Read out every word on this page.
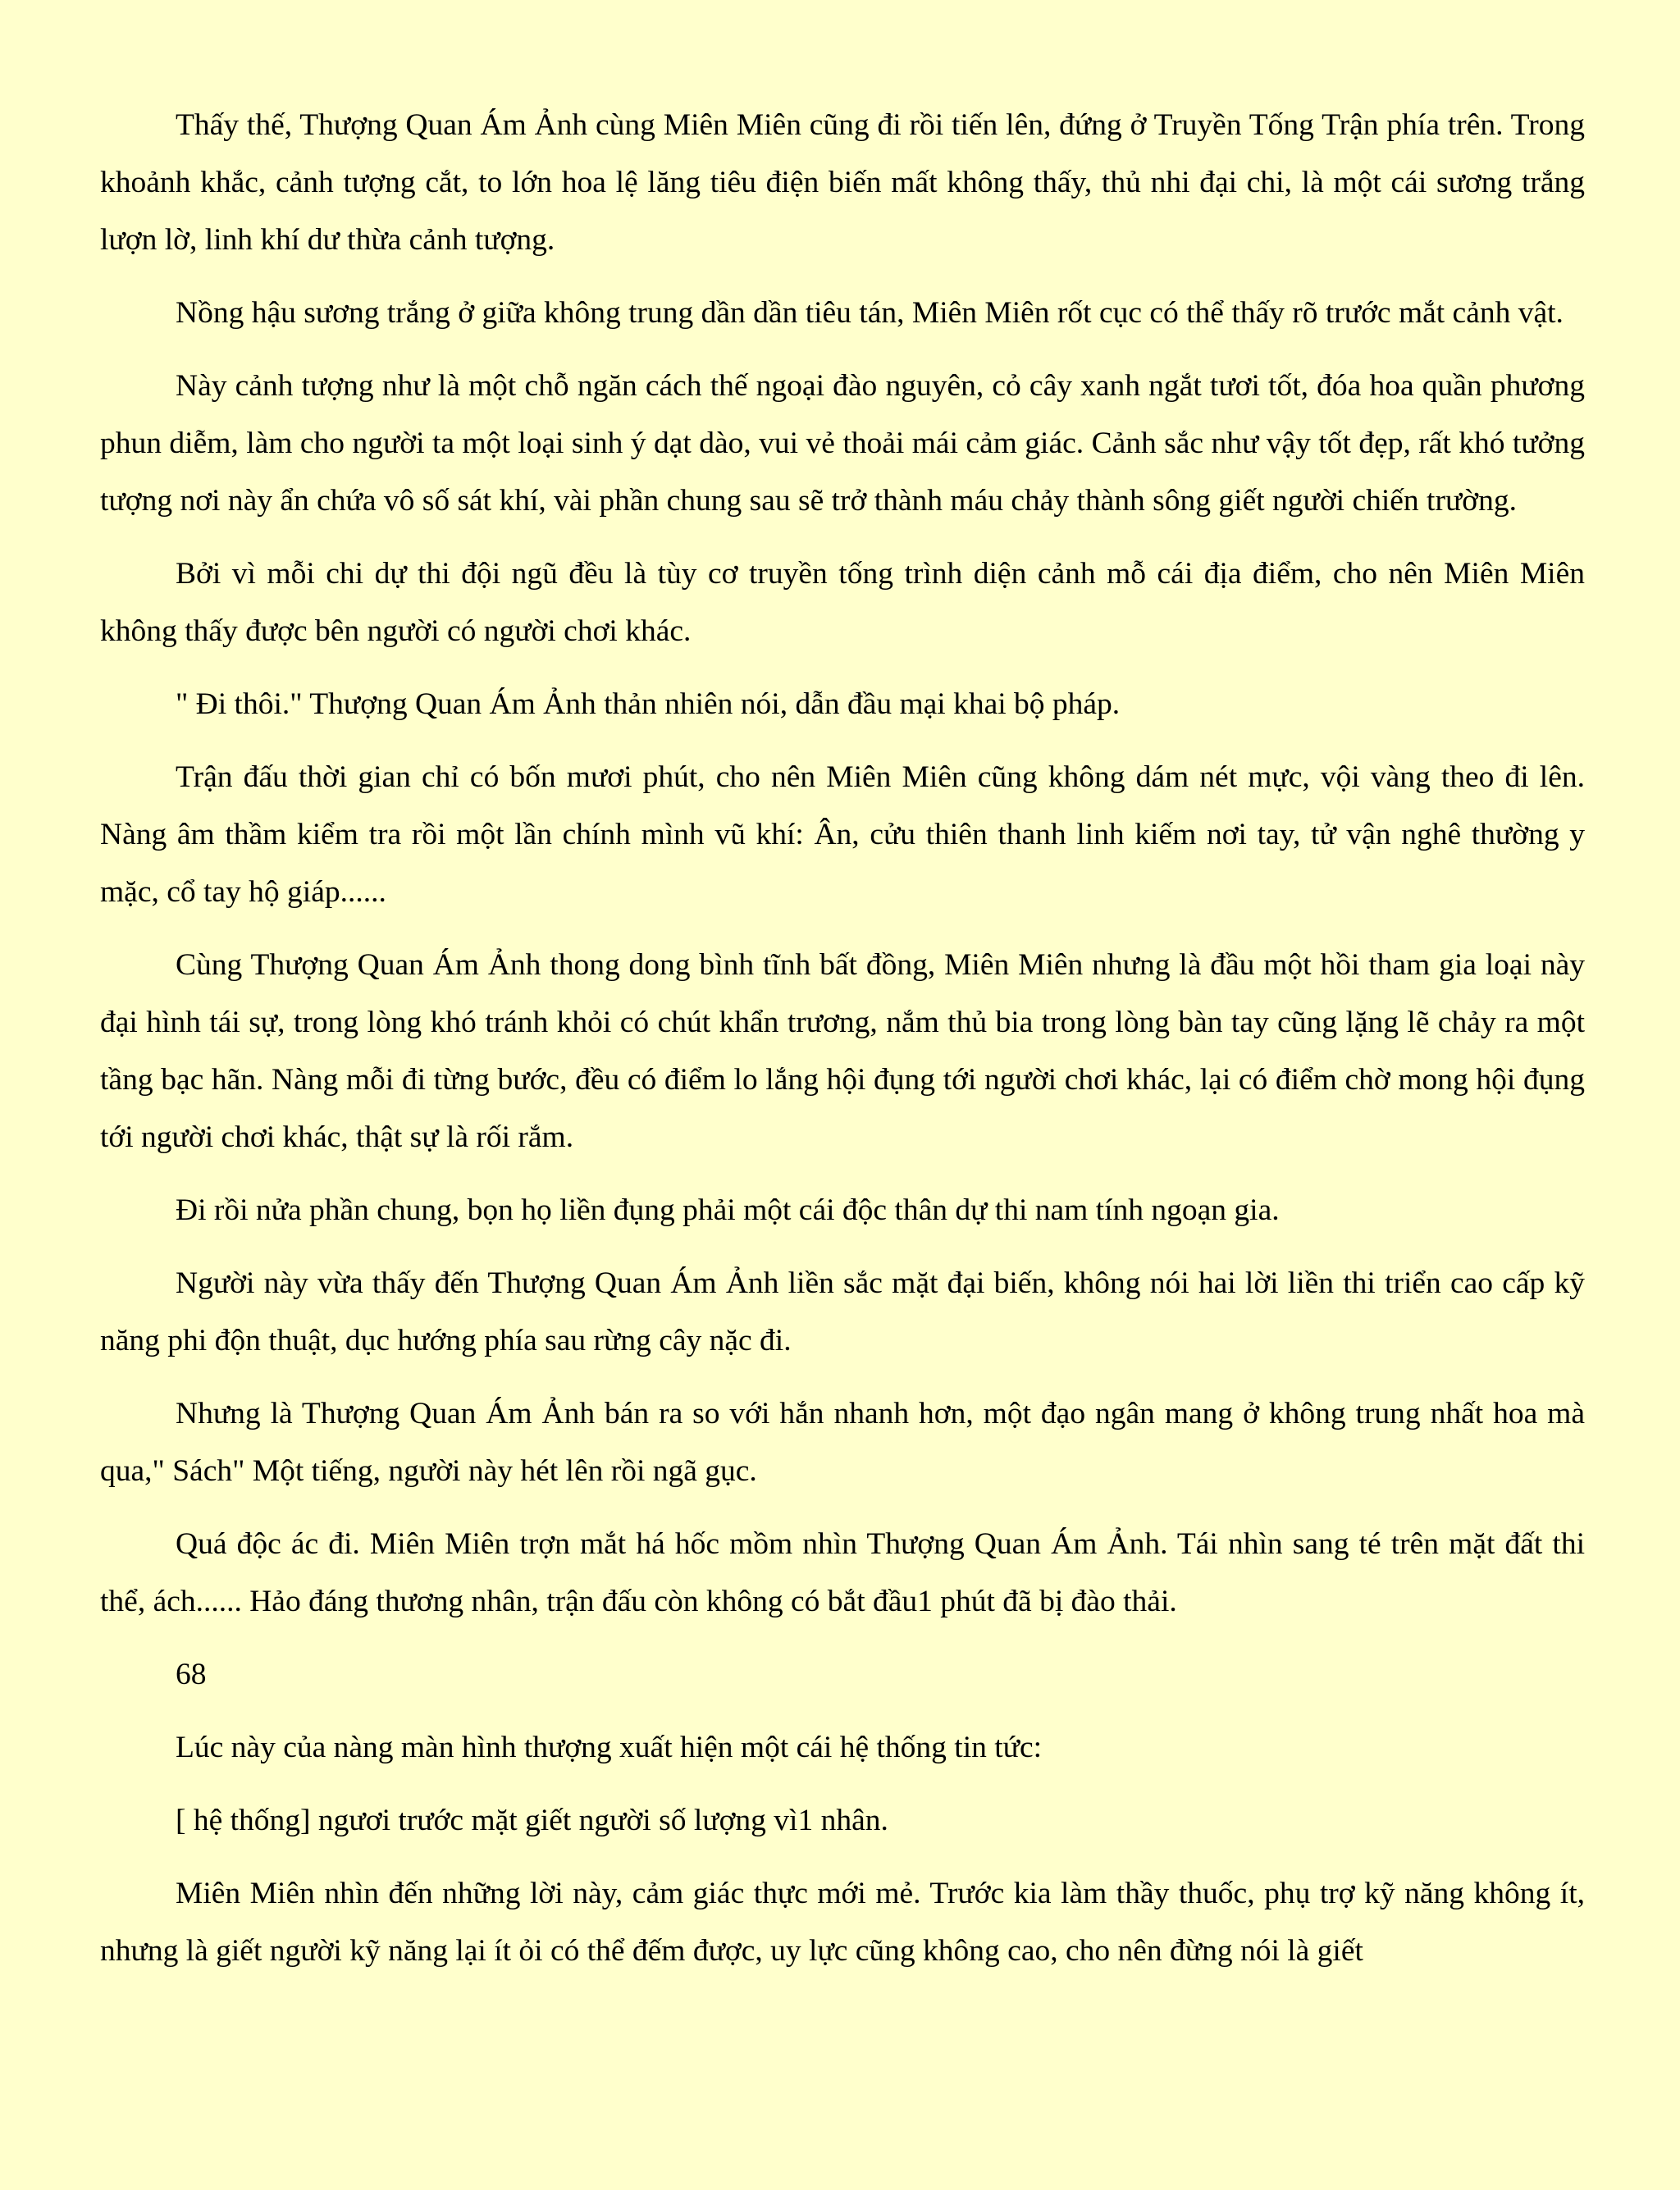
Thấy thế, Thượng Quan Ám Ảnh cùng Miên Miên cũng đi rồi tiến lên, đứng ở Truyền Tống Trận phía trên. Trong khoảnh khắc, cảnh tượng cắt, to lớn hoa lệ lăng tiêu điện biến mất không thấy, thủ nhi đại chi, là một cái sương trắng lượn lờ, linh khí dư thừa cảnh tượng.

Nồng hậu sương trắng ở giữa không trung dần dần tiêu tán, Miên Miên rốt cục có thể thấy rõ trước mắt cảnh vật.

Này cảnh tượng như là một chỗ ngăn cách thế ngoại đào nguyên, cỏ cây xanh ngắt tươi tốt, đóa hoa quần phương phun diễm, làm cho người ta một loại sinh ý dạt dào, vui vẻ thoải mái cảm giác. Cảnh sắc như vậy tốt đẹp, rất khó tưởng tượng nơi này ẩn chứa vô số sát khí, vài phần chung sau sẽ trở thành máu chảy thành sông giết người chiến trường.

Bởi vì mỗi chi dự thi đội ngũ đều là tùy cơ truyền tống trình diện cảnh mỗ cái địa điểm, cho nên Miên Miên không thấy được bên người có người chơi khác.

" Đi thôi." Thượng Quan Ám Ảnh thản nhiên nói, dẫn đầu mại khai bộ pháp.

Trận đấu thời gian chỉ có bốn mươi phút, cho nên Miên Miên cũng không dám nét mực, vội vàng theo đi lên. Nàng âm thầm kiểm tra rồi một lần chính mình vũ khí: Ân, cửu thiên thanh linh kiếm nơi tay, tử vận nghê thường y mặc, cổ tay hộ giáp......

Cùng Thượng Quan Ám Ảnh thong dong bình tĩnh bất đồng, Miên Miên nhưng là đầu một hồi tham gia loại này đại hình tái sự, trong lòng khó tránh khỏi có chút khẩn trương, nắm thủ bia trong lòng bàn tay cũng lặng lẽ chảy ra một tầng bạc hãn. Nàng mỗi đi từng bước, đều có điểm lo lắng hội đụng tới người chơi khác, lại có điểm chờ mong hội đụng tới người chơi khác, thật sự là rối rắm.

Đi rồi nửa phần chung, bọn họ liền đụng phải một cái độc thân dự thi nam tính ngoạn gia.

Người này vừa thấy đến Thượng Quan Ám Ảnh liền sắc mặt đại biến, không nói hai lời liền thi triển cao cấp kỹ năng phi độn thuật, dục hướng phía sau rừng cây nặc đi.

Nhưng là Thượng Quan Ám Ảnh bán ra so với hắn nhanh hơn, một đạo ngân mang ở không trung nhất hoa mà qua," Sách" Một tiếng, người này hét lên rồi ngã gục.

Quá độc ác đi. Miên Miên trợn mắt há hốc mồm nhìn Thượng Quan Ám Ảnh. Tái nhìn sang té trên mặt đất thi thể, ách...... Hảo đáng thương nhân, trận đấu còn không có bắt đầu1 phút đã bị đào thải.

68

Lúc này của nàng màn hình thượng xuất hiện một cái hệ thống tin tức:

[ hệ thống] ngươi trước mặt giết người số lượng vì1 nhân.

Miên Miên nhìn đến những lời này, cảm giác thực mới mẻ. Trước kia làm thầy thuốc, phụ trợ kỹ năng không ít, nhưng là giết người kỹ năng lại ít ỏi có thể đếm được, uy lực cũng không cao, cho nên đừng nói là giết
